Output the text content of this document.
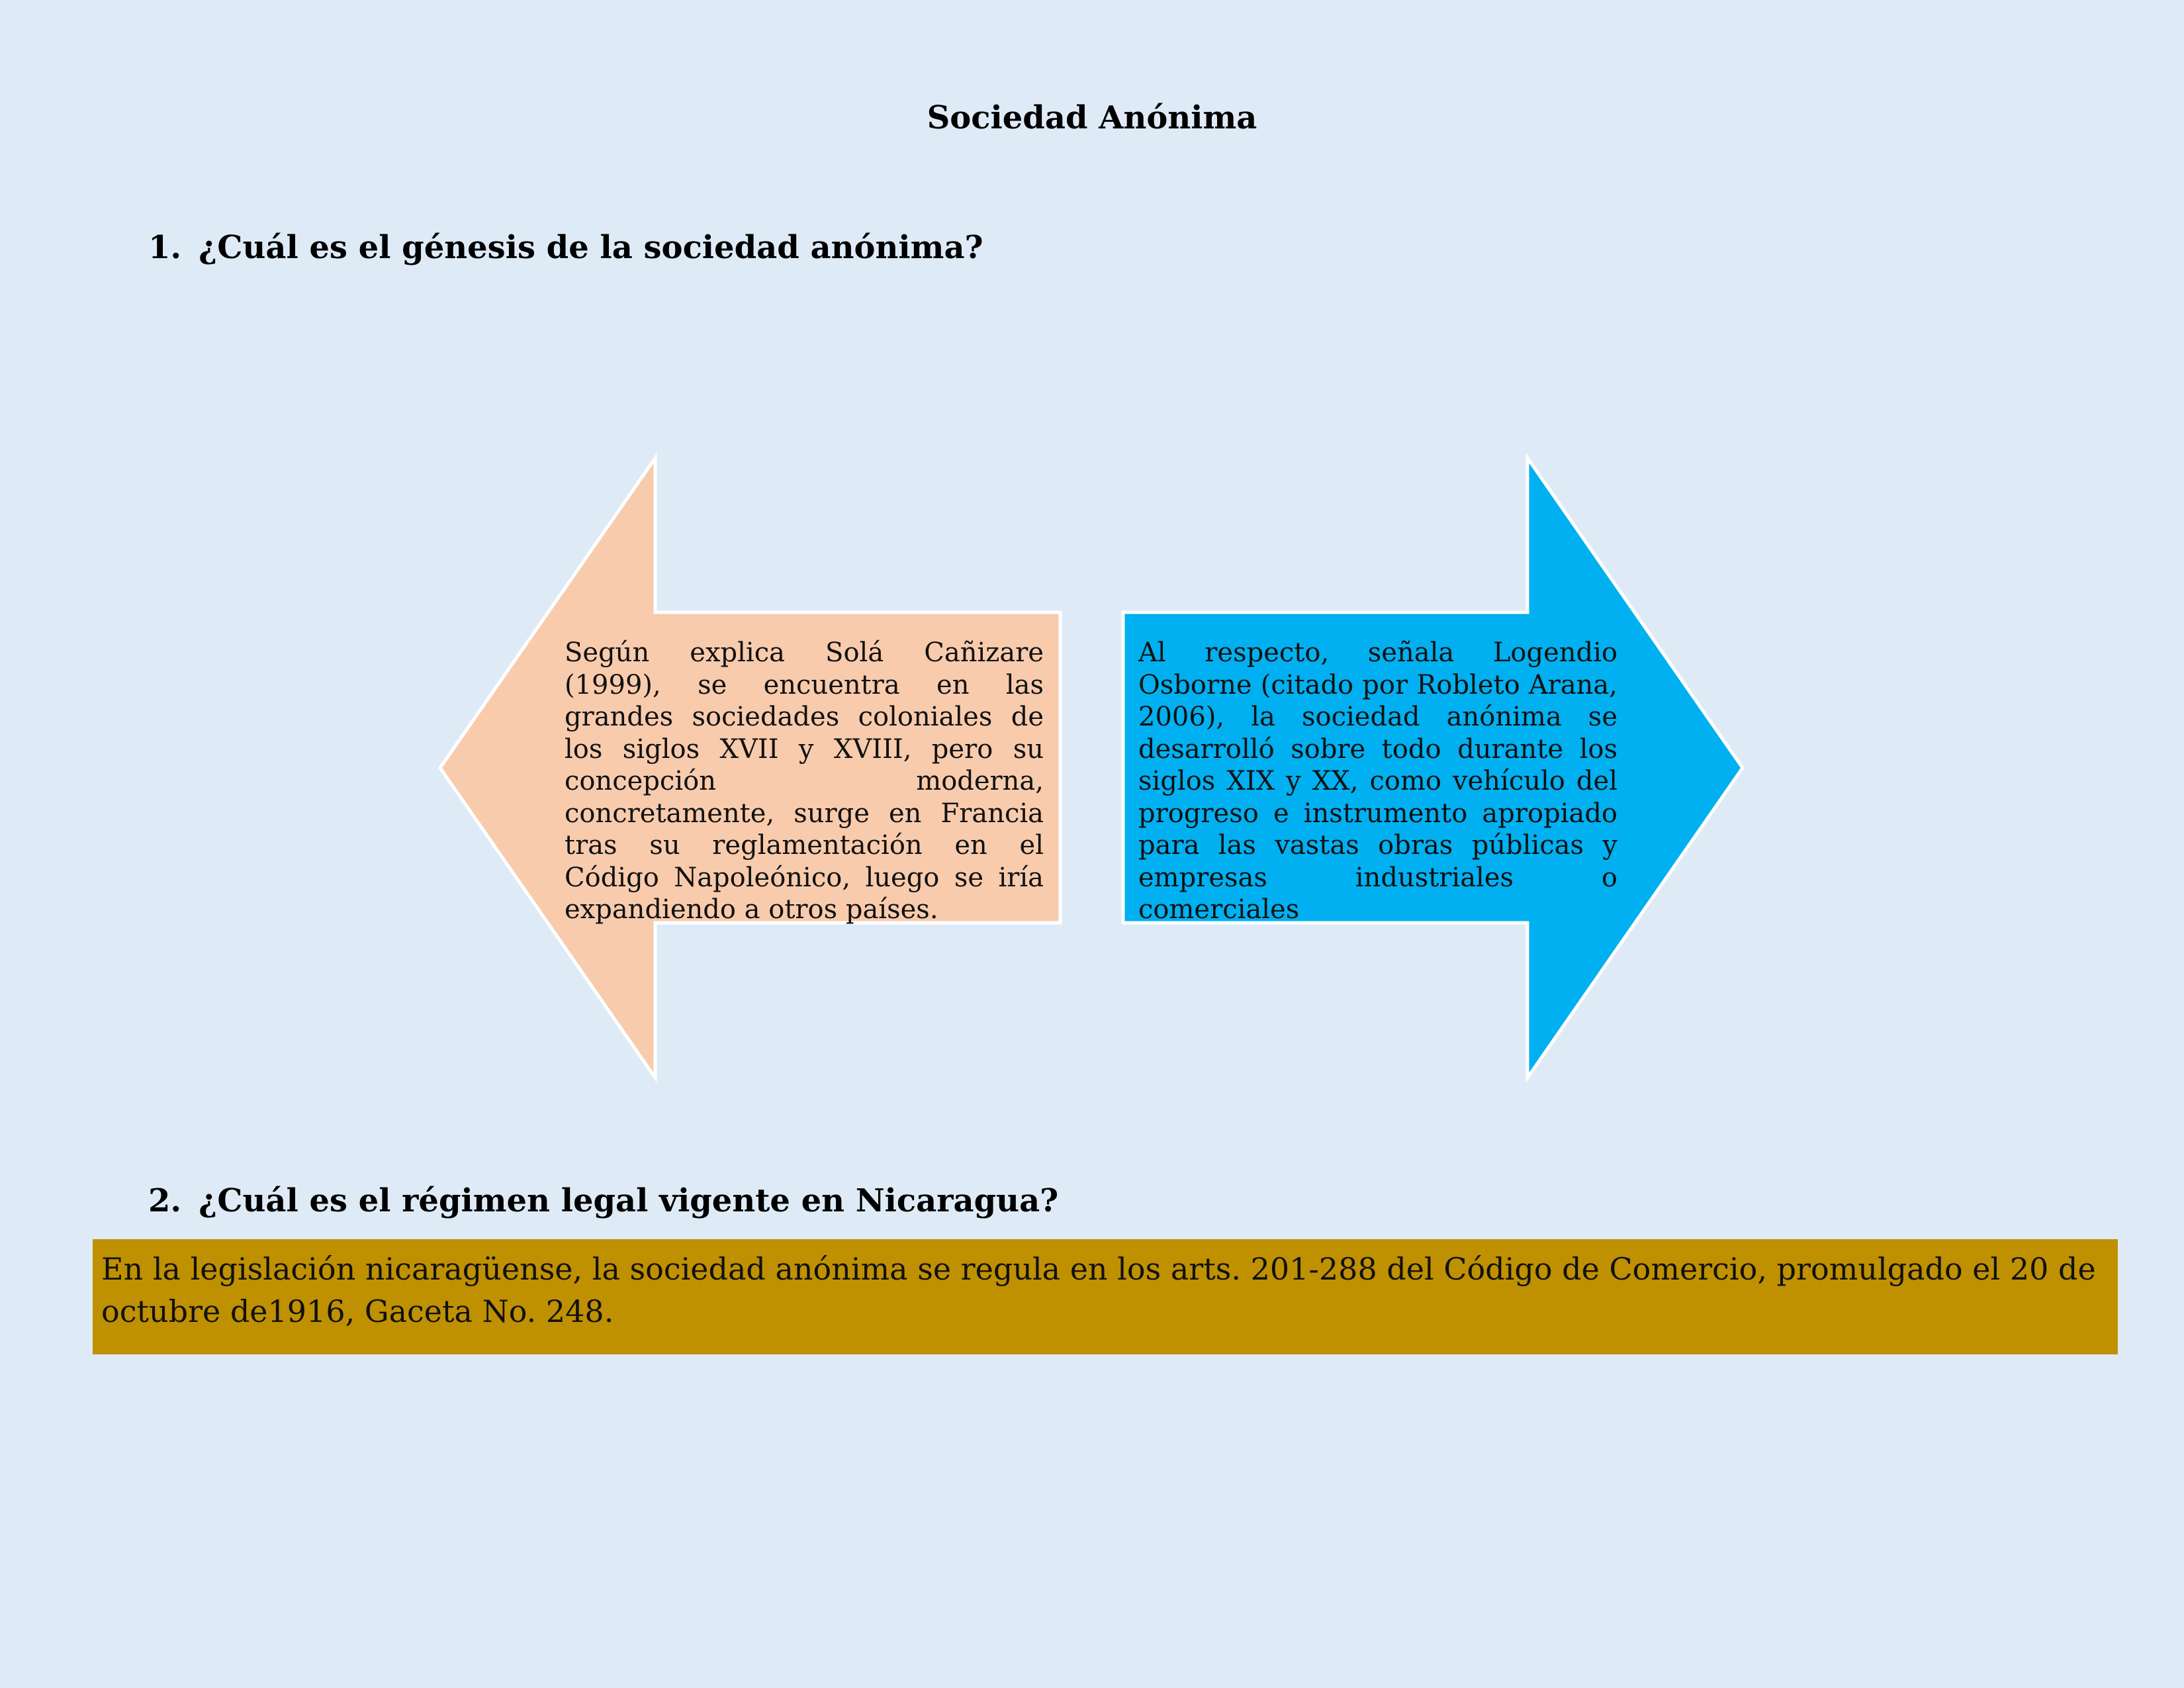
Sociedad Anónima
1. ¿Cuál es el génesis de la sociedad anónima?
Según explica Solá Cañizare (1999), se encuentra en las grandes sociedades coloniales de los siglos XVII y XVIII, pero su concepción moderna, concretamente, surge en Francia tras su reglamentación en el Código Napoleónico, luego se iría expandiendo a otros países.
Al respecto, señala Logendio Osborne (citado por Robleto Arana, 2006), la sociedad anónima se desarrolló sobre todo durante los siglos XIX y XX, como vehículo del progreso e instrumento apropiado para las vastas obras públicas y empresas industriales o comerciales
2. ¿Cuál es el régimen legal vigente en Nicaragua?
En la legislación nicaragüense, la sociedad anónima se regula en los arts. 201-288 del Código de Comercio, promulgado el 20 de octubre de1916, Gaceta No. 248.
